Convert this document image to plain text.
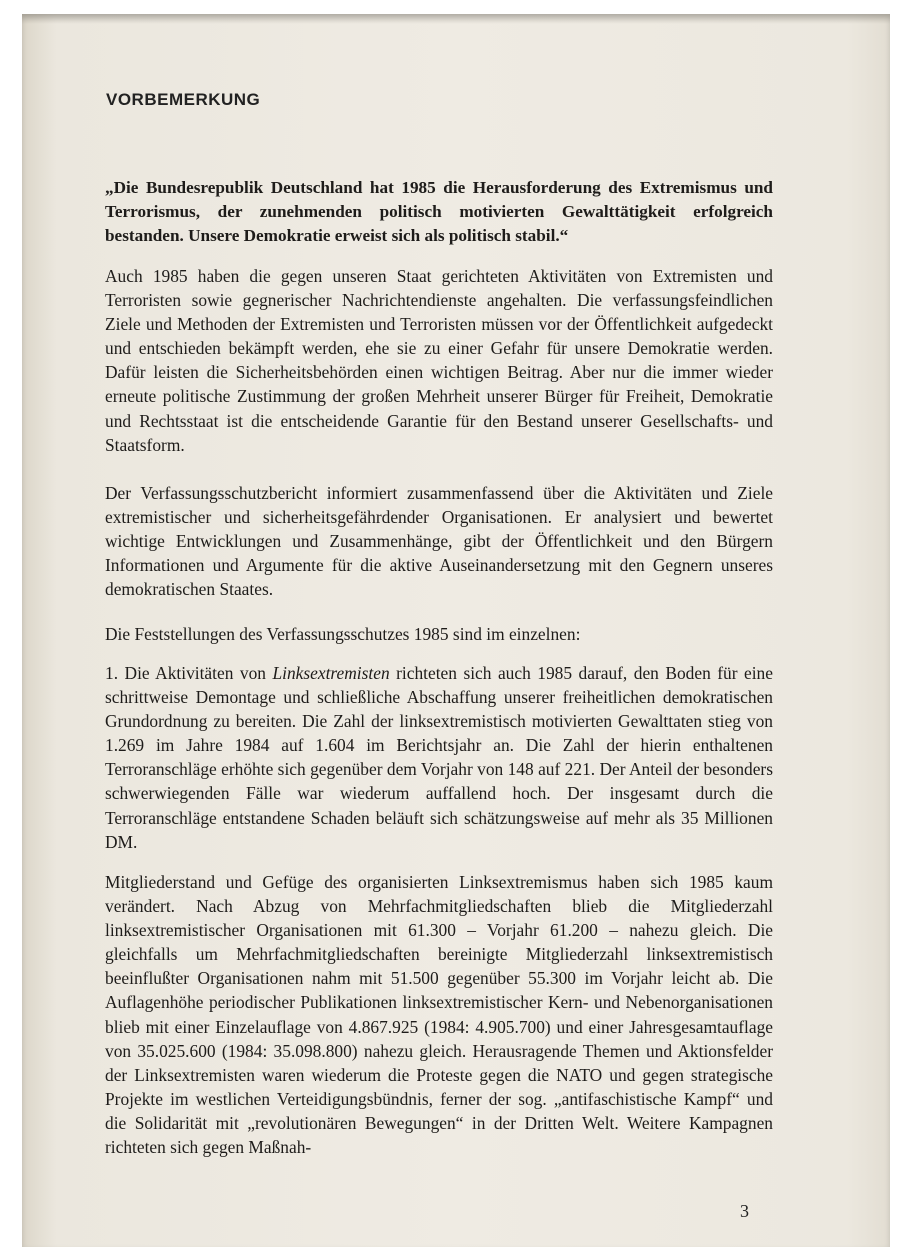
VORBEMERKUNG

„Die Bundesrepublik Deutschland hat 1985 die Herausforderung des Extremismus und Terrorismus, der zunehmenden politisch motivierten Gewalttätigkeit erfolgreich bestanden. Unsere Demokratie erweist sich als politisch stabil.“

Auch 1985 haben die gegen unseren Staat gerichteten Aktivitäten von Extremisten und Terroristen sowie gegnerischer Nachrichtendienste angehalten. Die verfassungsfeindlichen Ziele und Methoden der Extremisten und Terroristen müssen vor der Öffentlichkeit aufgedeckt und entschieden bekämpft werden, ehe sie zu einer Gefahr für unsere Demokratie werden. Dafür leisten die Sicherheitsbehörden einen wichtigen Beitrag. Aber nur die immer wieder erneute politische Zustimmung der großen Mehrheit unserer Bürger für Freiheit, Demokratie und Rechtsstaat ist die entscheidende Garantie für den Bestand unserer Gesellschafts- und Staatsform.

Der Verfassungsschutzbericht informiert zusammenfassend über die Aktivitäten und Ziele extremistischer und sicherheitsgefährdender Organisationen. Er analysiert und bewertet wichtige Entwicklungen und Zusammenhänge, gibt der Öffentlichkeit und den Bürgern Informationen und Argumente für die aktive Auseinandersetzung mit den Gegnern unseres demokratischen Staates.

Die Feststellungen des Verfassungsschutzes 1985 sind im einzelnen:

1. Die Aktivitäten von Linksextremisten richteten sich auch 1985 darauf, den Boden für eine schrittweise Demontage und schließliche Abschaffung unserer freiheitlichen demokratischen Grundordnung zu bereiten. Die Zahl der linksextremistisch motivierten Gewalttaten stieg von 1.269 im Jahre 1984 auf 1.604 im Berichtsjahr an. Die Zahl der hierin enthaltenen Terroranschläge erhöhte sich gegenüber dem Vorjahr von 148 auf 221. Der Anteil der besonders schwerwiegenden Fälle war wiederum auffallend hoch. Der insgesamt durch die Terroranschläge entstandene Schaden beläuft sich schätzungsweise auf mehr als 35 Millionen DM.

Mitgliederstand und Gefüge des organisierten Linksextremismus haben sich 1985 kaum verändert. Nach Abzug von Mehrfachmitgliedschaften blieb die Mitgliederzahl linksextremistischer Organisationen mit 61.300 – Vorjahr 61.200 – nahezu gleich. Die gleichfalls um Mehrfachmitgliedschaften bereinigte Mitgliederzahl linksextremistisch beeinflußter Organisationen nahm mit 51.500 gegenüber 55.300 im Vorjahr leicht ab. Die Auflagenhöhe periodischer Publikationen linksextremistischer Kern- und Nebenorganisationen blieb mit einer Einzelauflage von 4.867.925 (1984: 4.905.700) und einer Jahresgesamtauflage von 35.025.600 (1984: 35.098.800) nahezu gleich. Herausragende Themen und Aktionsfelder der Linksextremisten waren wiederum die Proteste gegen die NATO und gegen strategische Projekte im westlichen Verteidigungsbündnis, ferner der sog. „antifaschistische Kampf“ und die Solidarität mit „revolutionären Bewegungen“ in der Dritten Welt. Weitere Kampagnen richteten sich gegen Maßnah-

3
